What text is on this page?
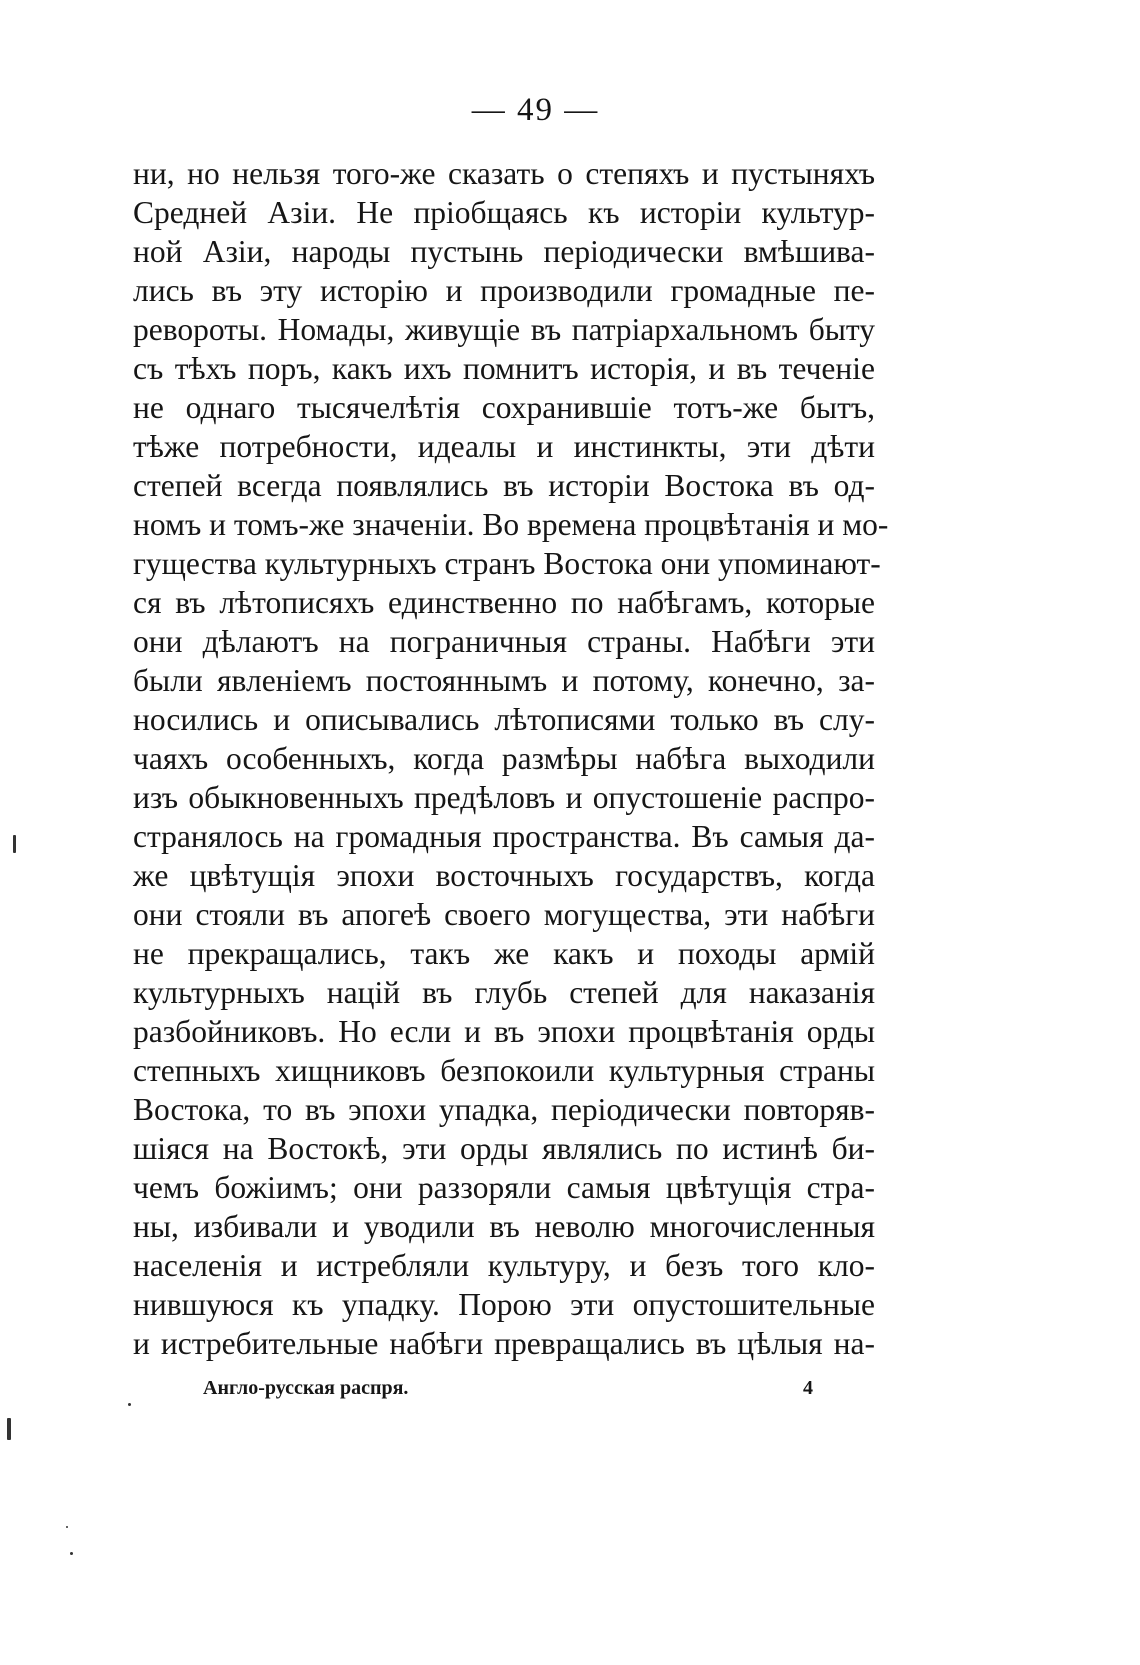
— 49 —
ни, но нельзя того-же сказать о степяхъ и пустыняхъ
Средней Азіи. Не пріобщаясь къ исторіи культур-
ной Азіи, народы пустынь періодически вмѣшива-
лись въ эту исторію и производили громадные пе-
ревороты. Номады, живущіе въ патріархальномъ быту
съ тѣхъ поръ, какъ ихъ помнитъ исторія, и въ теченіе
не однаго тысячелѣтія сохранившіе тотъ-же бытъ,
тѣже потребности, идеалы и инстинкты, эти дѣти
степей всегда появлялись въ исторіи Востока въ од-
номъ и томъ-же значеніи. Во времена процвѣтанія и мо-
гущества культурныхъ странъ Востока они упоминают-
ся въ лѣтописяхъ единственно по набѣгамъ, которые
они дѣлаютъ на пограничныя страны. Набѣги эти
были явленіемъ постояннымъ и потому, конечно, за-
носились и описывались лѣтописями только въ слу-
чаяхъ особенныхъ, когда размѣры набѣга выходили
изъ обыкновенныхъ предѣловъ и опустошеніе распро-
странялось на громадныя пространства. Въ самыя да-
же цвѣтущія эпохи восточныхъ государствъ, когда
они стояли въ апогеѣ своего могущества, эти набѣги
не прекращались, такъ же какъ и походы армій
культурныхъ націй въ глубь степей для наказанія
разбойниковъ. Но если и въ эпохи процвѣтанія орды
степныхъ хищниковъ безпокоили культурныя страны
Востока, то въ эпохи упадка, періодически повторяв-
шіяся на Востокѣ, эти орды являлись по истинѣ би-
чемъ божіимъ; они раззоряли самыя цвѣтущія стра-
ны, избивали и уводили въ неволю многочисленныя
населенія и истребляли культуру, и безъ того кло-
нившуюся къ упадку. Порою эти опустошительные
и истребительные набѣги превращались въ цѣлыя на-
Англо-русская распря.	4
